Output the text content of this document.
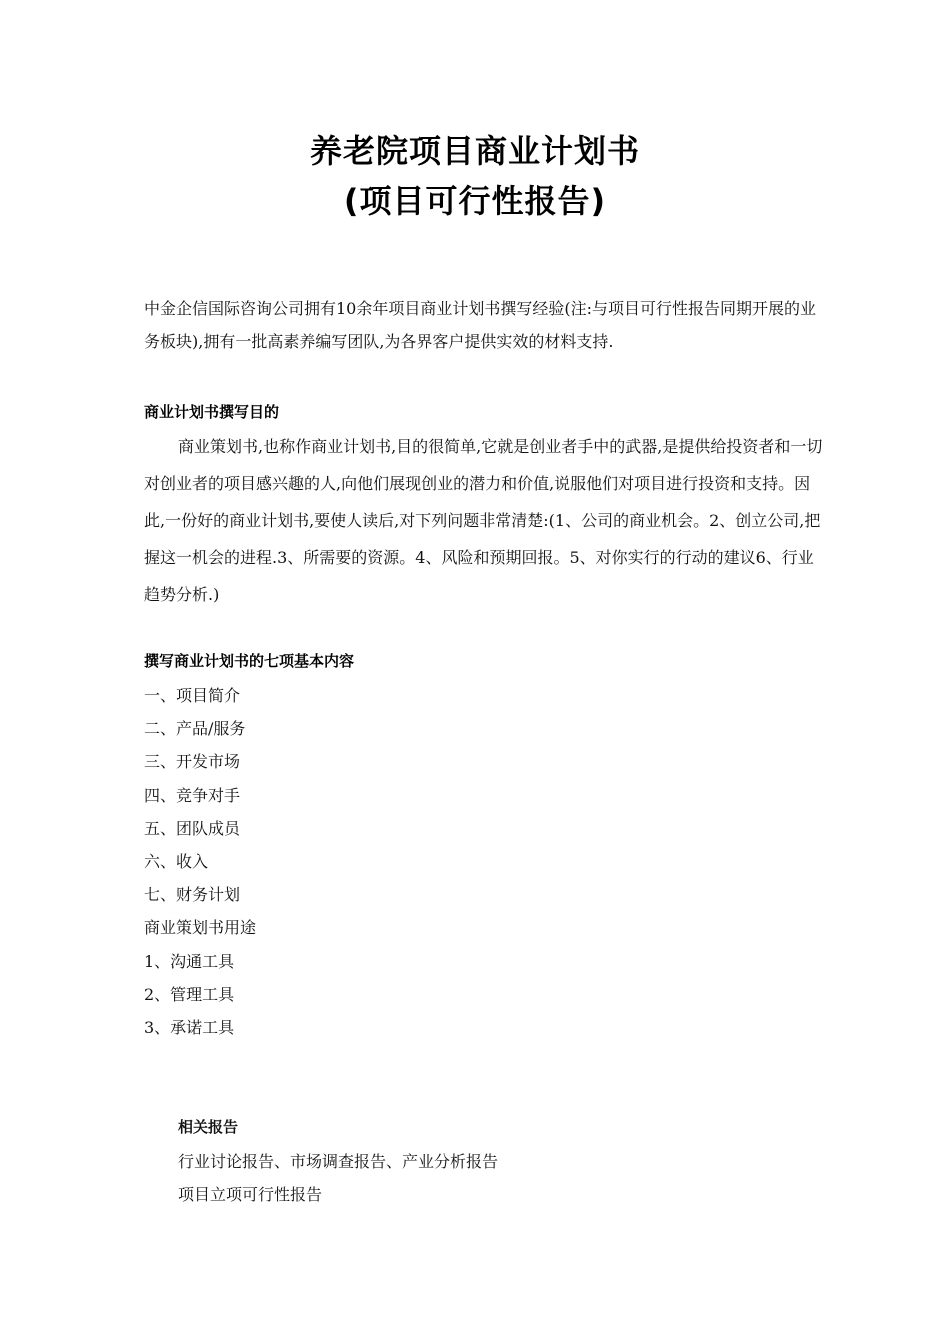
养老院项目商业计划书
(项目可行性报告)

中金企信国际咨询公司拥有10余年项目商业计划书撰写经验(注:与项目可行性报告同期开展的业务板块),拥有一批高素养编写团队,为各界客户提供实效的材料支持.

商业计划书撰写目的

商业策划书,也称作商业计划书,目的很简单,它就是创业者手中的武器,是提供给投资者和一切对创业者的项目感兴趣的人,向他们展现创业的潜力和价值,说服他们对项目进行投资和支持。因此,一份好的商业计划书,要使人读后,对下列问题非常清楚:(1、公司的商业机会。2、创立公司,把握这一机会的进程.3、所需要的资源。4、风险和预期回报。5、对你实行的行动的建议6、行业趋势分析.)

撰写商业计划书的七项基本内容
一、项目简介
二、产品/服务
三、开发市场
四、竞争对手
五、团队成员
六、收入
七、财务计划
商业策划书用途
1、沟通工具
2、管理工具
3、承诺工具
相关报告
行业讨论报告、市场调查报告、产业分析报告
项目立项可行性报告
